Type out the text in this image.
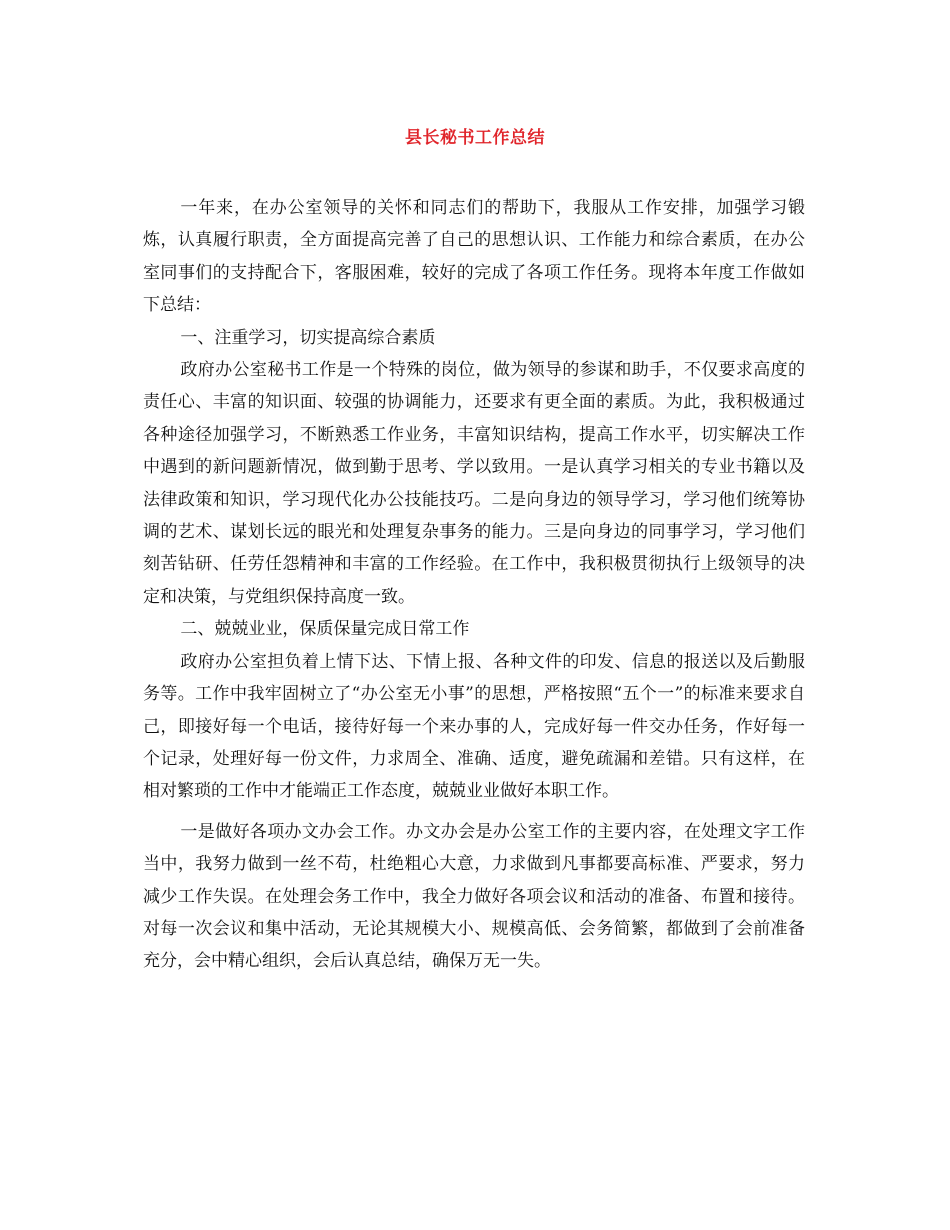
县长秘书工作总结

一年来，在办公室领导的关怀和同志们的帮助下，我服从工作安排，加强学习锻炼，认真履行职责，全方面提高完善了自己的思想认识、工作能力和综合素质，在办公室同事们的支持配合下，客服困难，较好的完成了各项工作任务。现将本年度工作做如下总结：

一、注重学习，切实提高综合素质

政府办公室秘书工作是一个特殊的岗位，做为领导的参谋和助手，不仅要求高度的责任心、丰富的知识面、较强的协调能力，还要求有更全面的素质。为此，我积极通过各种途径加强学习，不断熟悉工作业务，丰富知识结构，提高工作水平，切实解决工作中遇到的新问题新情况，做到勤于思考、学以致用。一是认真学习相关的专业书籍以及法律政策和知识，学习现代化办公技能技巧。二是向身边的领导学习，学习他们统筹协调的艺术、谋划长远的眼光和处理复杂事务的能力。三是向身边的同事学习，学习他们刻苦钻研、任劳任怨精神和丰富的工作经验。在工作中，我积极贯彻执行上级领导的决定和决策，与党组织保持高度一致。

二、兢兢业业，保质保量完成日常工作

政府办公室担负着上情下达、下情上报、各种文件的印发、信息的报送以及后勤服务等。工作中我牢固树立了“办公室无小事”的思想，严格按照“五个一”的标准来要求自己，即接好每一个电话，接待好每一个来办事的人，完成好每一件交办任务，作好每一个记录，处理好每一份文件，力求周全、准确、适度，避免疏漏和差错。只有这样，在相对繁琐的工作中才能端正工作态度，兢兢业业做好本职工作。

一是做好各项办文办会工作。办文办会是办公室工作的主要内容，在处理文字工作当中，我努力做到一丝不苟，杜绝粗心大意，力求做到凡事都要高标准、严要求，努力减少工作失误。在处理会务工作中，我全力做好各项会议和活动的准备、布置和接待。对每一次会议和集中活动，无论其规模大小、规模高低、会务简繁，都做到了会前准备充分，会中精心组织，会后认真总结，确保万无一失。
